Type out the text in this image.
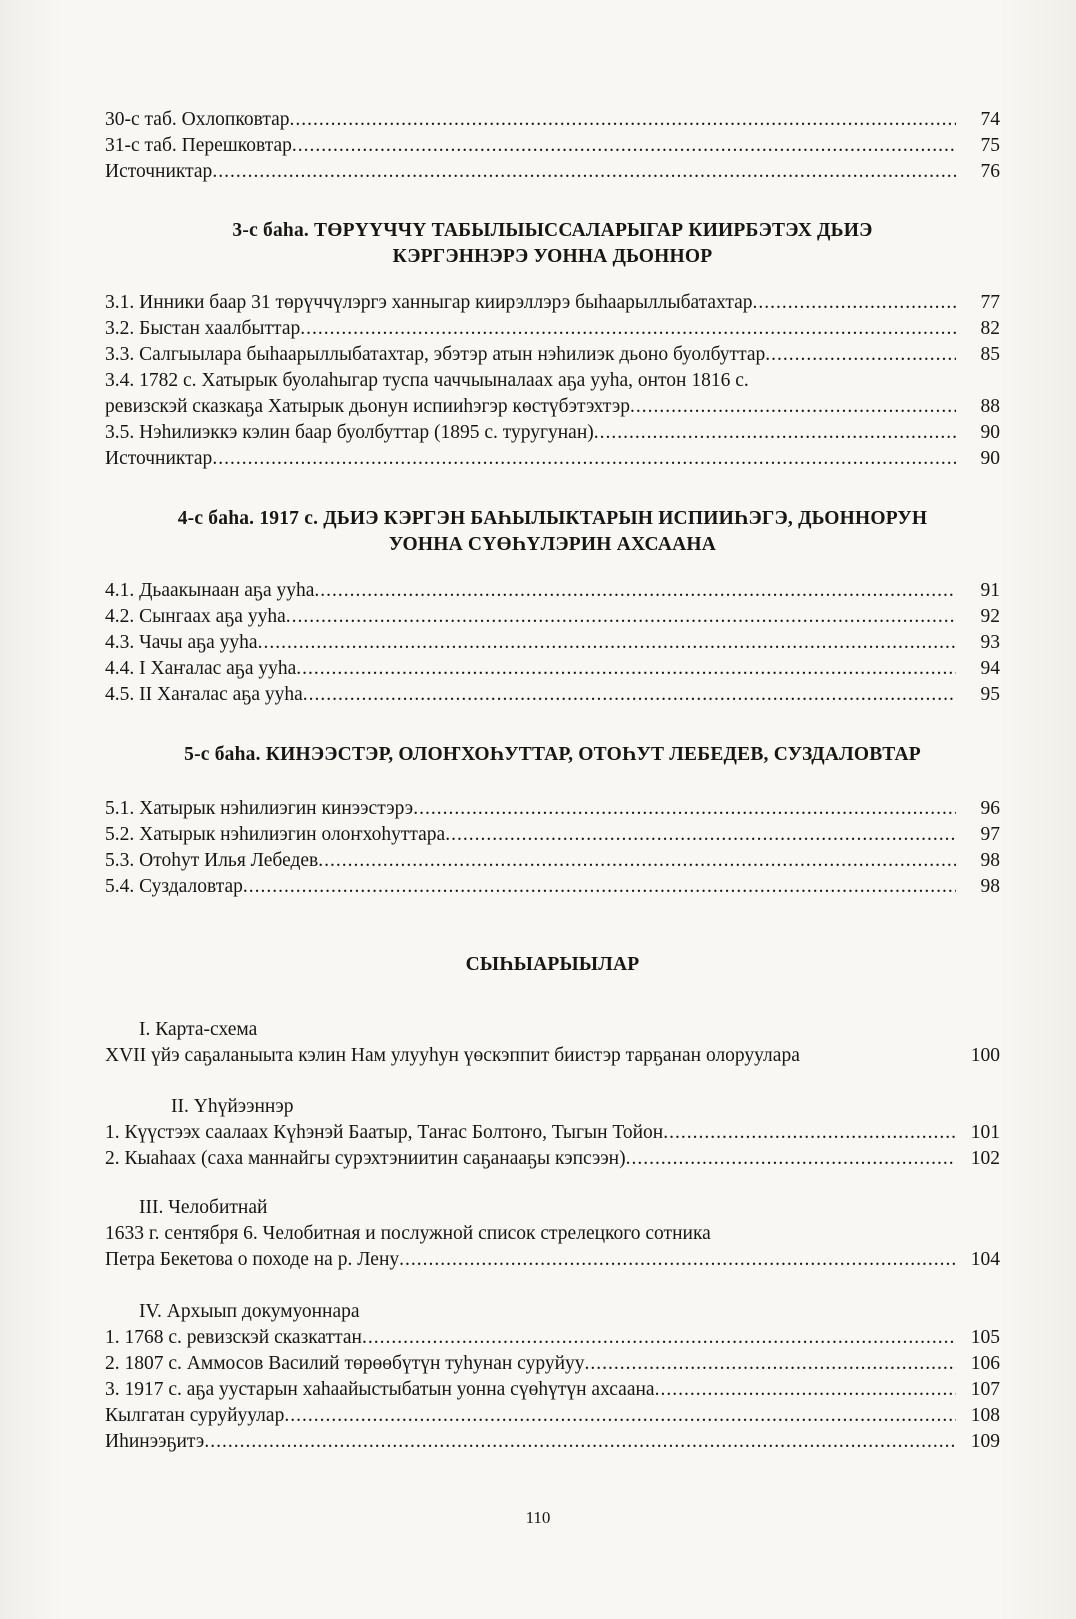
30-с таб. Охлопковтар .....	74
31-с таб. Перешковтар .....	75
Источниктар .....	76
3-с баhа. ТӨРҮҮЧЧҮ ТАБЫЛЫЫССАЛАРЫГАР КИИРБЭТЭХ ДЬИЭ
КЭРГЭННЭРЭ УОННА ДЬОННОР
3.1. Инники баар 31 төрүччүлэргэ ханныгар киирэллэрэ быһаарыллыбатахтар .....	77
3.2. Быстан хаалбыттар .....	82
3.3. Салгыылара быһаарыллыбатахтар, эбэтэр атын нэһилиэк дьоно буолбуттар .....	85
3.4. 1782 с. Хатырык буолаһыгар туспа чаччыыналаах аҕа ууһа, онтон 1816 с.
ревизскэй сказкаҕа Хатырык дьонун испииһэгэр көстүбэтэхтэр .....	88
3.5. Нэһилиэккэ кэлин баар буолбуттар (1895 с. туругунан) .....	90
Источниктар .....	90
4-с баhа. 1917 с. ДЬИЭ КЭРГЭН БАҺЫЛЫКТАРЫН ИСПИИҺЭГЭ, ДЬОННОРУН
УОННА СҮӨҺҮЛЭРИН АХСААНА
4.1. Дьаакынаан аҕа ууһа .....	91
4.2. Сынгаах аҕа ууһа .....	92
4.3. Чачы аҕа ууһа .....	93
4.4. I Хаҥалас аҕа ууһа .....	94
4.5. II Хаҥалас аҕа ууһа .....	95
5-с баhа. КИНЭЭСТЭР, ОЛОҤХОҺУТТАР, ОТОҺУТ ЛЕБЕДЕВ, СУЗДАЛОВТАР
5.1. Хатырык нэһилиэгин кинээстэрэ .....	96
5.2. Хатырык нэһилиэгин олоҥхоһуттара .....	97
5.3. Отоһут Илья Лебедев .....	98
5.4. Суздаловтар .....	98
СЫҺЫАРЫЫЛАР
I. Карта-схема
XVII үйэ саҕаланыыта кэлин Нам улууһун үөскэппит биистэр тарҕанан олоруулара	100
II. Үһүйээннэр
1. Күүстээх саалаах Күһэнэй Баатыр, Таҥас Болтоҥо, Тыгын Тойон .....	101
2. Кыаһаах (саха маннайгы сурэхтэниитин саҕанааҕы кэпсээн) .....	102
III. Челобитнай
1633 г. сентября 6. Челобитная и послужной список стрелецкого сотника
Петра Бекетова о походе на р. Лену .....	104
IV. Архыып докумуоннара
1. 1768 с. ревизскэй сказкаттан .....	105
2. 1807 с. Аммосов Василий төрөөбүтүн туһунан суруйуу .....	106
3. 1917 с. аҕа уустарын хаһаайыстыбатын уонна сүөһүтүн ахсаана .....	107
Кылгатан суруйуулар .....	108
Иһинээҕитэ .....	109
110
